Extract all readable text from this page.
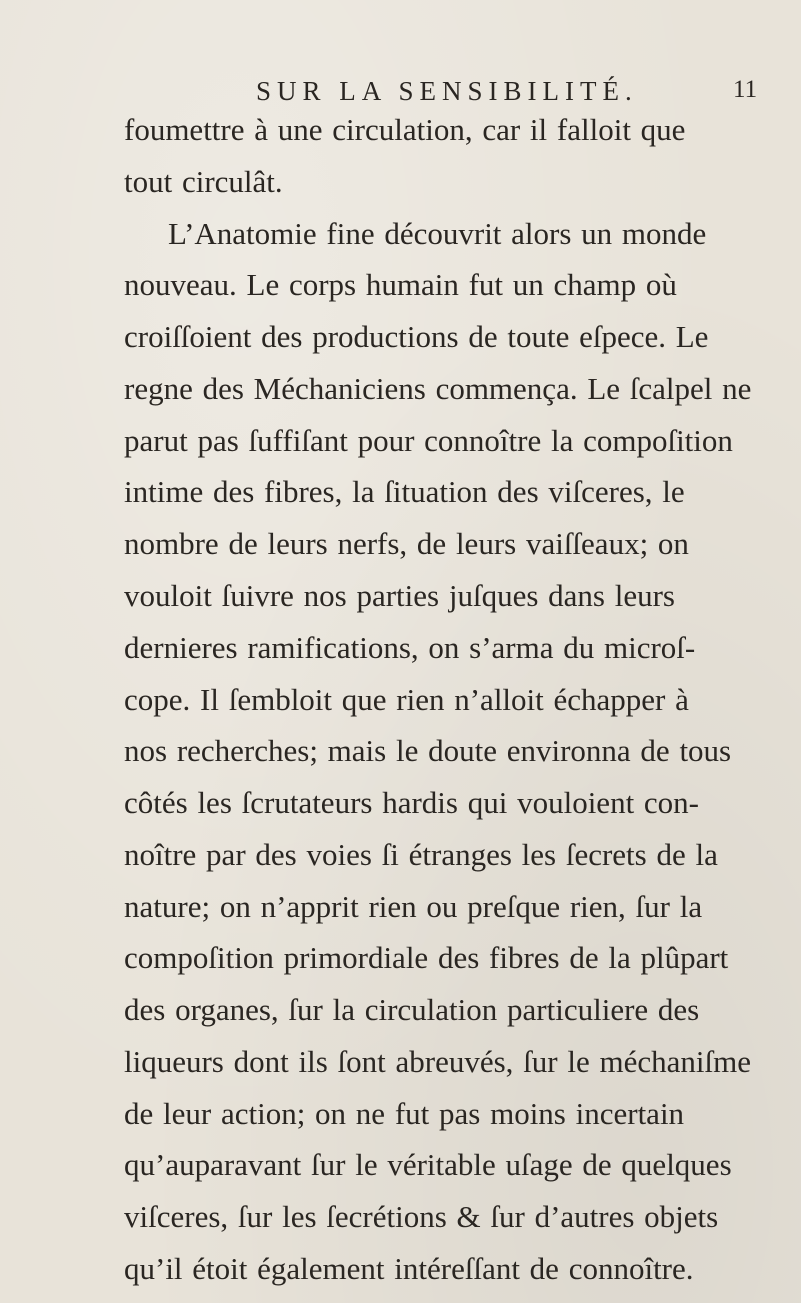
SUR LA SENSIBILITÉ.	11
foumettre à une circulation, car il falloit que
tout circulât.
L’Anatomie fine découvrit alors un monde
nouveau. Le corps humain fut un champ où
croiſſoient des productions de toute eſpece. Le
regne des Méchaniciens commença. Le ſcalpel ne
parut pas ſuffiſant pour connoître la compoſition
intime des fibres, la ſituation des viſceres, le
nombre de leurs nerfs, de leurs vaiſſeaux; on
vouloit ſuivre nos parties juſques dans leurs
dernieres ramifications, on s’arma du microſ-
cope. Il ſembloit que rien n’alloit échapper à
nos recherches; mais le doute environna de tous
côtés les ſcrutateurs hardis qui vouloient con-
noître par des voies ſi étranges les ſecrets de la
nature; on n’apprit rien ou preſque rien, ſur la
compoſition primordiale des fibres de la plûpart
des organes, ſur la circulation particuliere des
liqueurs dont ils ſont abreuvés, ſur le méchaniſme
de leur action; on ne fut pas moins incertain
qu’auparavant ſur le véritable uſage de quelques
viſceres, ſur les ſecrétions & ſur d’autres objets
qu’il étoit également intéreſſant de connoître.
